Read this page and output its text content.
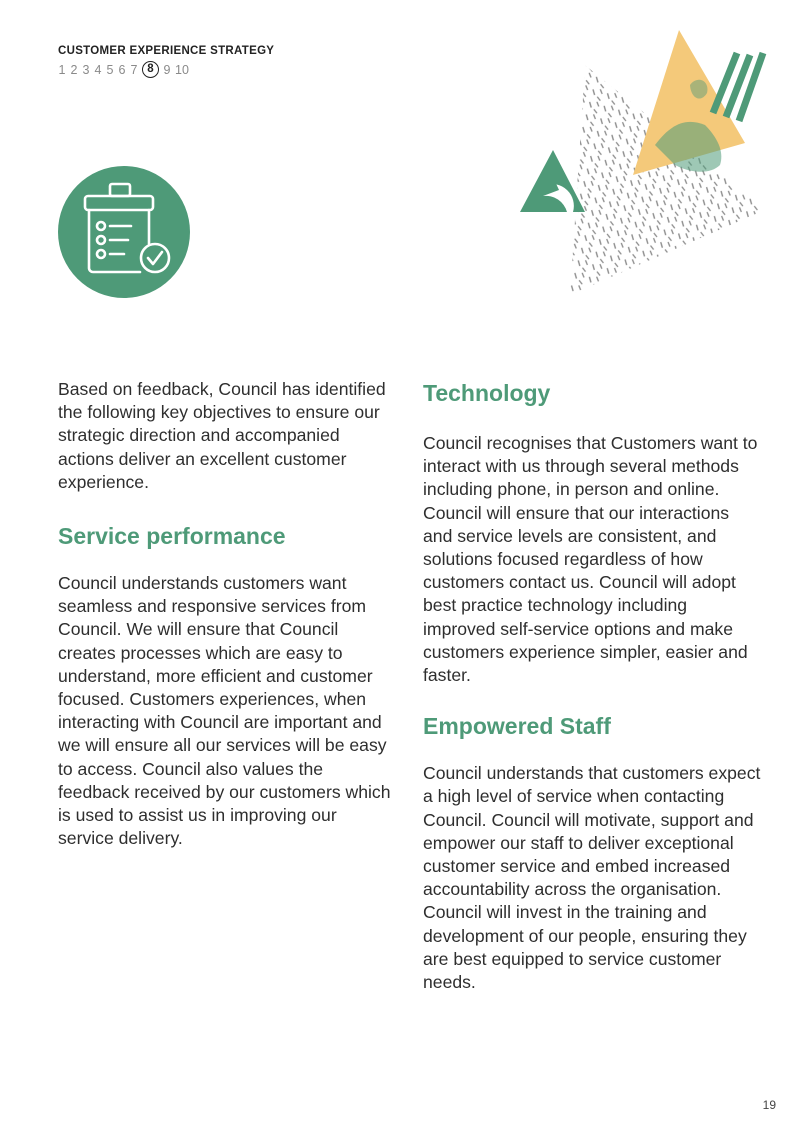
CUSTOMER EXPERIENCE STRATEGY
1 2 3 4 5 6 7 8 9 10

Based on feedback, Council has identified the following key objectives to ensure our strategic direction and accompanied actions deliver an excellent customer experience.

Service performance

Council understands customers want seamless and responsive services from Council. We will ensure that Council creates processes which are easy to understand, more efficient and customer focused. Customers experiences, when interacting with Council are important and we will ensure all our services will be easy to access. Council also values the feedback received by our customers which is used to assist us in improving our service delivery.

Technology

Council recognises that Customers want to interact with us through several methods including phone, in person and online. Council will ensure that our interactions and service levels are consistent, and solutions focused regardless of how customers contact us. Council will adopt best practice technology including improved self-service options and make customers experience simpler, easier and faster.

Empowered Staff

Council understands that customers expect a high level of service when contacting Council. Council will motivate, support and empower our staff to deliver exceptional customer service and embed increased accountability across the organisation. Council will invest in the training and development of our people, ensuring they are best equipped to service customer needs.

19
